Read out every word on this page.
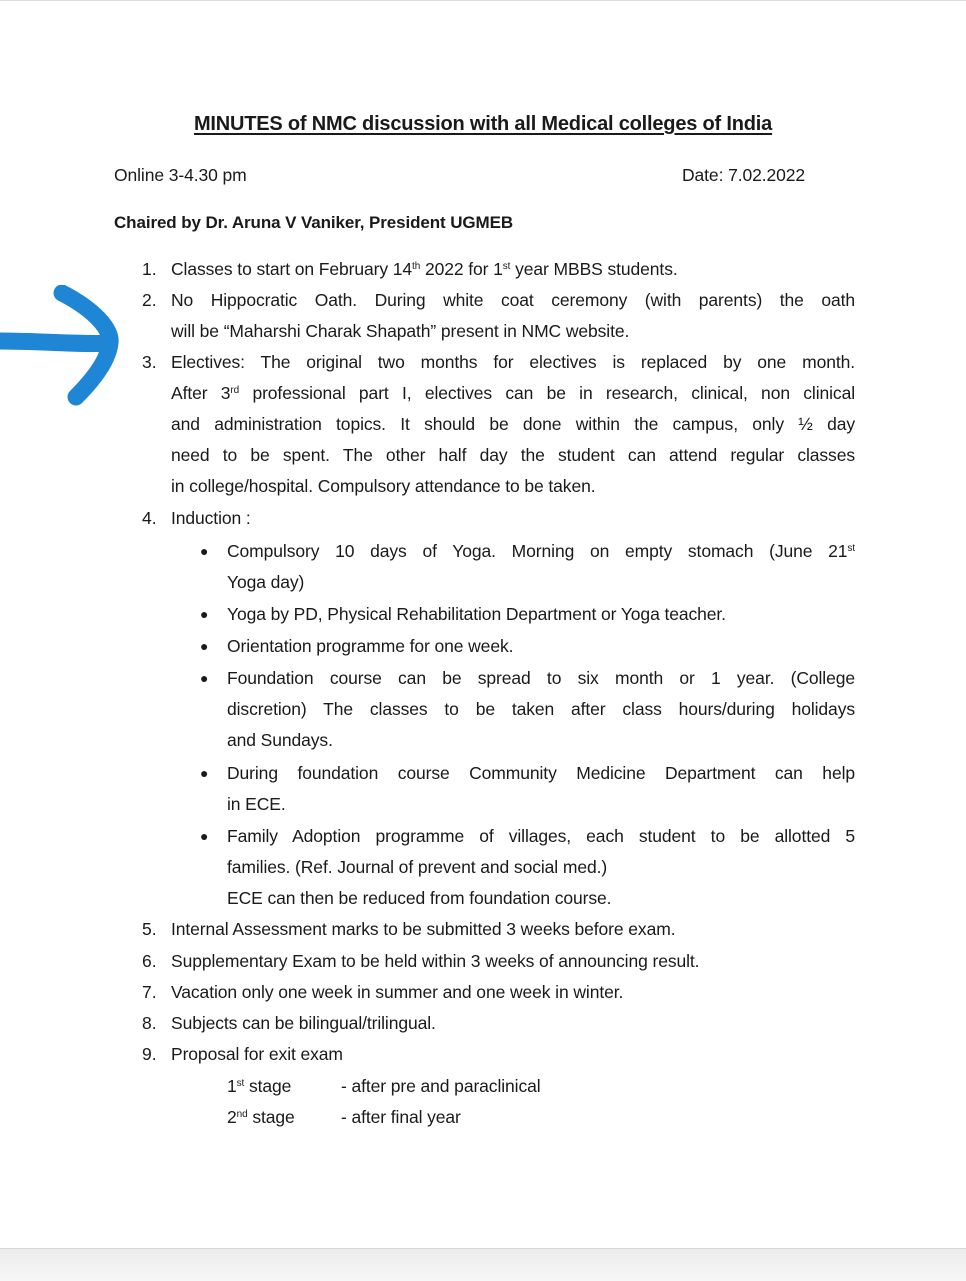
MINUTES of NMC discussion with all Medical colleges of India
Online 3-4.30 pm	Date: 7.02.2022
Chaired by Dr. Aruna V Vaniker, President UGMEB
1. Classes to start on February 14th 2022 for 1st year MBBS students.
2. No Hippocratic Oath. During white coat ceremony (with parents) the oath
will be “Maharshi Charak Shapath” present in NMC website.
3. Electives: The original two months for electives is replaced by one month.
After 3rd professional part I, electives can be in research, clinical, non clinical
and administration topics. It should be done within the campus, only ½ day
need to be spent. The other half day the student can attend regular classes
in college/hospital. Compulsory attendance to be taken.
4. Induction :
5. Internal Assessment marks to be submitted 3 weeks before exam.
6. Supplementary Exam to be held within 3 weeks of announcing result.
7. Vacation only one week in summer and one week in winter.
8. Subjects can be bilingual/trilingual.
9. Proposal for exit exam
● Compulsory 10 days of Yoga. Morning on empty stomach (June 21st
Yoga day)
● Yoga by PD, Physical Rehabilitation Department or Yoga teacher.
● Orientation programme for one week.
● Foundation course can be spread to six month or 1 year. (College
discretion) The classes to be taken after class hours/during holidays
and Sundays.
● During foundation course Community Medicine Department can help
in ECE.
● Family Adoption programme of villages, each student to be allotted 5
families. (Ref. Journal of prevent and social med.)
ECE can then be reduced from foundation course.
1st stage	- after pre and paraclinical
2nd stage	- after final year
